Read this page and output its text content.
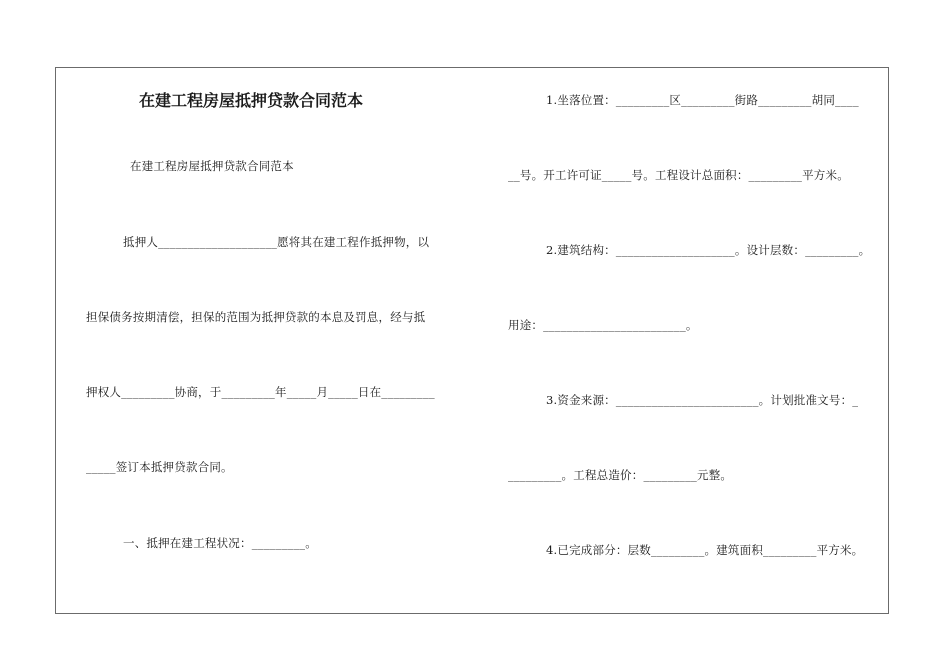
在建工程房屋抵押贷款合同范本
在建工程房屋抵押贷款合同范本
抵押人____________________愿将其在建工程作抵押物，以
担保债务按期清偿，担保的范围为抵押贷款的本息及罚息，经与抵
押权人_________协商，于_________年_____月_____日在_________
_____签订本抵押贷款合同。
一、抵押在建工程状况：_________。
1.坐落位置：_________区_________街路_________胡同____
__号。开工许可证_____号。工程设计总面积：_________平方米。
2.建筑结构：____________________。设计层数：_________。
用途：________________________。
3.资金来源：________________________。计划批准文号：_
_________。工程总造价：_________元整。
4.已完成部分：层数_________。建筑面积_________平方米。
